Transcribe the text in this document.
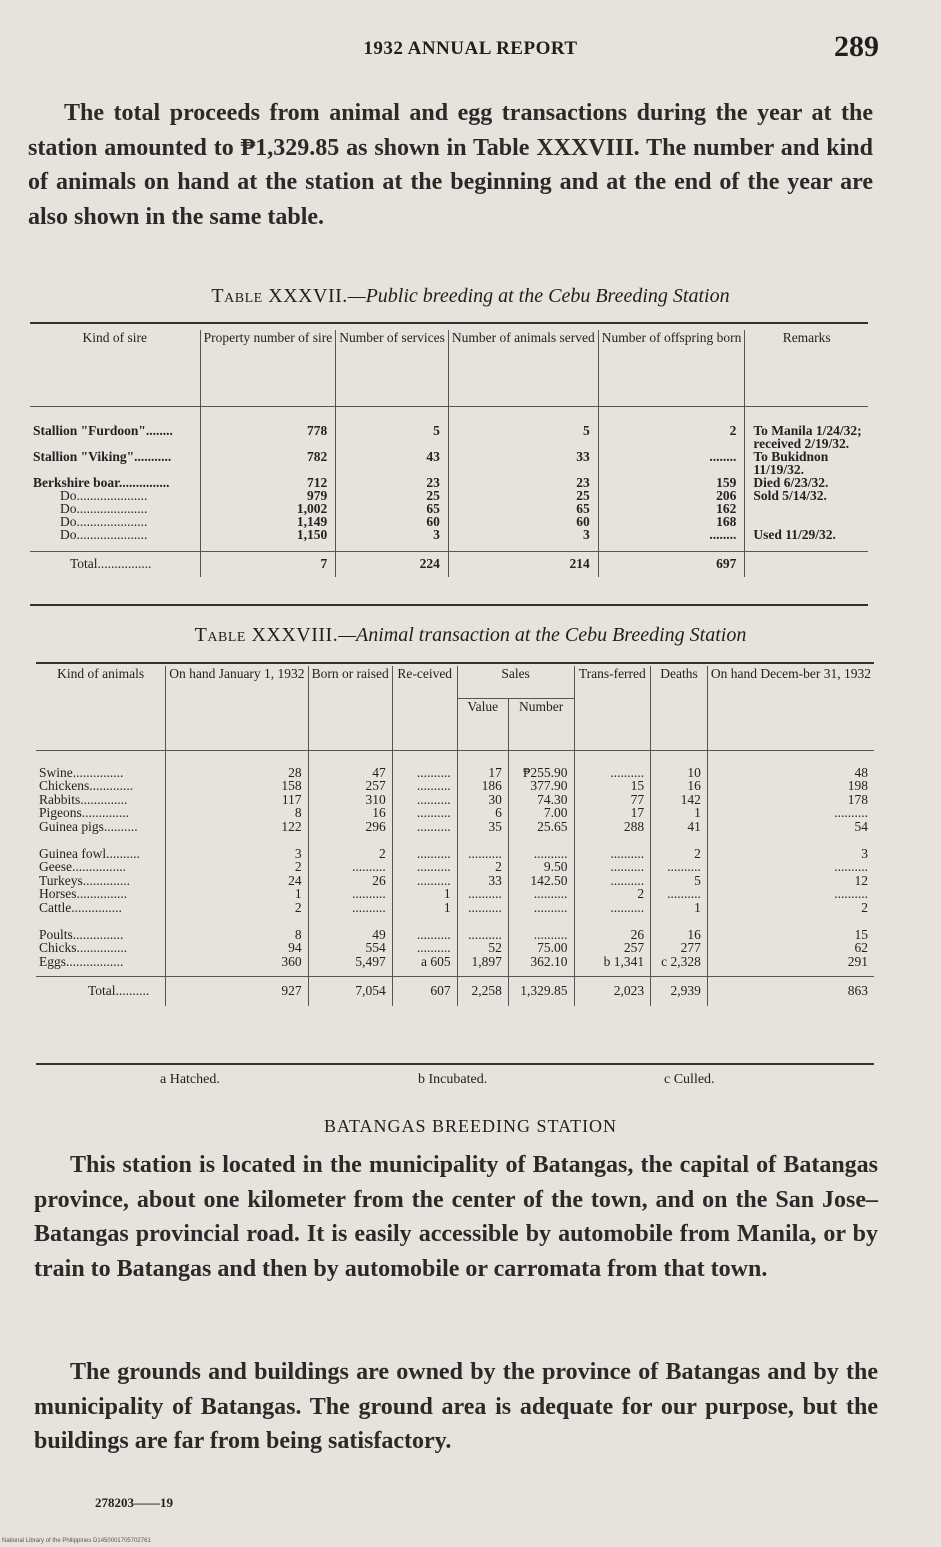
1932 ANNUAL REPORT	289
The total proceeds from animal and egg transactions during the year at the station amounted to ₱1,329.85 as shown in Table XXXVIII. The number and kind of animals on hand at the station at the beginning and at the end of the year are also shown in the same table.
Table XXXVII.—Public breeding at the Cebu Breeding Station
Kind of sire	Property number of sire	Number of services	Number of animals served	Number of offspring born	Remarks

Stallion "Furdoon"........	778	5	5	2	To Manila 1/24/32; received 2/19/32.
Stallion "Viking"...........	782	43	33	........	To Bukidnon 11/19/32.
Berkshire boar...............	712	23	23	159	Died 6/23/32.
Do.....................	979	25	25	206	Sold 5/14/32.
Do.....................	1,002	65	65	162	
Do.....................	1,149	60	60	168	
Do.....................	1,150	3	3	........	Used 11/29/32.

Total................	7	224	214	697	
Table XXXVIII.—Animal transaction at the Cebu Breeding Station
Kind of animals	On hand January 1, 1932	Born or raised	Re-ceived	Sales		Trans-ferred	Deaths	On hand Decem-ber 31, 1932
				Value	Number			

Swine...............	28	47	..........	17	₱255.90	..........	10	48
Chickens.............	158	257	..........	186	377.90	15	16	198
Rabbits..............	117	310	..........	30	74.30	77	142	178
Pigeons..............	8	16	..........	6	7.00	17	1	..........
Guinea pigs..........	122	296	..........	35	25.65	288	41	54

Guinea fowl..........	3	2	..........	..........	..........	..........	2	3
Geese................	2	..........	..........	2	9.50	..........	..........	..........
Turkeys..............	24	26	..........	33	142.50	..........	5	12
Horses...............	1	..........	1	..........	..........	2	..........	..........
Cattle...............	2	..........	1	..........	..........	..........	1	2

Poults...............	8	49	..........	..........	..........	26	16	15
Chicks...............	94	554	..........	52	75.00	257	277	62
Eggs.................	360	5,497	a 605	1,897	362.10	b 1,341	c 2,328	291

Total..........	927	7,054	607	2,258	1,329.85	2,023	2,939	863
a Hatched.	b Incubated.	c Culled.
BATANGAS BREEDING STATION
This station is located in the municipality of Batangas, the capital of Batangas province, about one kilometer from the center of the town, and on the San Jose–Batangas provincial road. It is easily accessible by automobile from Manila, or by train to Batangas and then by automobile or carromata from that town.
The grounds and buildings are owned by the province of Batangas and by the municipality of Batangas. The ground area is adequate for our purpose, but the buildings are far from being satisfactory.
278203——19
National Library of the Philippines D1450001705702761
